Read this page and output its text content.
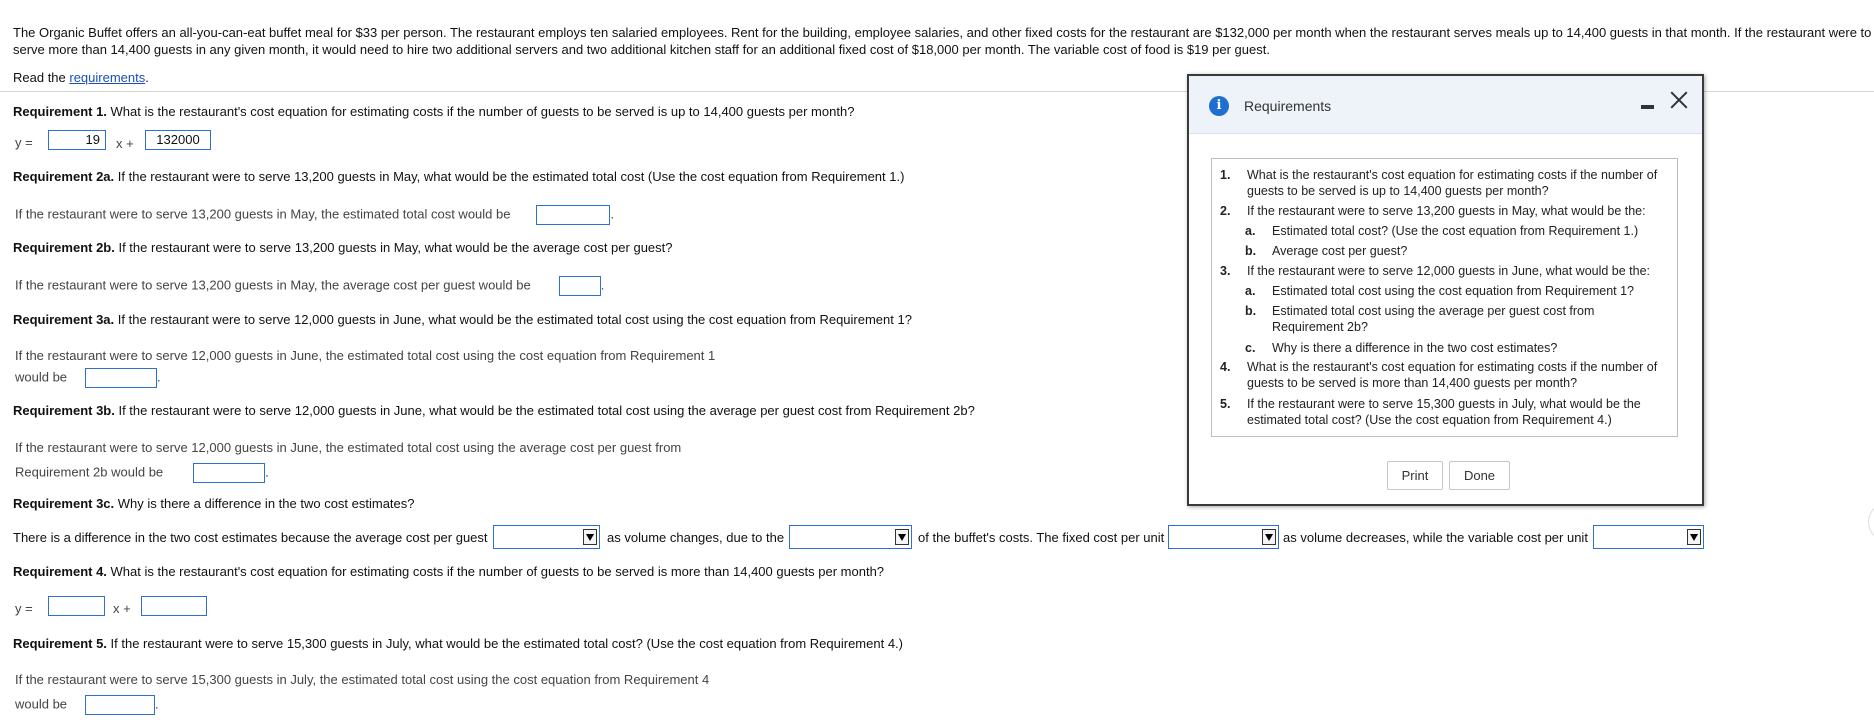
The Organic Buffet offers an all-you-can-eat buffet meal for $33 per person. The restaurant employs ten salaried employees. Rent for the building, employee salaries, and other fixed costs for the restaurant are $132,000 per month when the restaurant serves meals up to 14,400 guests in that month. If the restaurant were to serve more than 14,400 guests in any given month, it would need to hire two additional servers and two additional kitchen staff for an additional fixed cost of $18,000 per month. The variable cost of food is $19 per guest.
Read the requirements.
Requirement 1. What is the restaurant's cost equation for estimating costs if the number of guests to be served is up to 14,400 guests per month?
y =	19	x +	132000
Requirement 2a. If the restaurant were to serve 13,200 guests in May, what would be the estimated total cost (Use the cost equation from Requirement 1.)
If the restaurant were to serve 13,200 guests in May, the estimated total cost would be	.
Requirement 2b. If the restaurant were to serve 13,200 guests in May, what would be the average cost per guest?
If the restaurant were to serve 13,200 guests in May, the average cost per guest would be	.
Requirement 3a. If the restaurant were to serve 12,000 guests in June, what would be the estimated total cost using the cost equation from Requirement 1?
If the restaurant were to serve 12,000 guests in June, the estimated total cost using the cost equation from Requirement 1
would be	.
Requirement 3b. If the restaurant were to serve 12,000 guests in June, what would be the estimated total cost using the average per guest cost from Requirement 2b?
If the restaurant were to serve 12,000 guests in June, the estimated total cost using the average cost per guest from
Requirement 2b would be	.
Requirement 3c. Why is there a difference in the two cost estimates?
There is a difference in the two cost estimates because the average cost per guest	as volume changes, due to the	of the buffet's costs. The fixed cost per unit	as volume decreases, while the variable cost per unit
Requirement 4. What is the restaurant's cost equation for estimating costs if the number of guests to be served is more than 14,400 guests per month?
y =	x +
Requirement 5. If the restaurant were to serve 15,300 guests in July, what would be the estimated total cost? (Use the cost equation from Requirement 4.)
If the restaurant were to serve 15,300 guests in July, the estimated total cost using the cost equation from Requirement 4
would be	.
i	Requirements
1. What is the restaurant's cost equation for estimating costs if the number of
guests to be served is up to 14,400 guests per month?
2. If the restaurant were to serve 13,200 guests in May, what would be the:
a. Estimated total cost? (Use the cost equation from Requirement 1.)
b. Average cost per guest?
3. If the restaurant were to serve 12,000 guests in June, what would be the:
a. Estimated total cost using the cost equation from Requirement 1?
b. Estimated total cost using the average per guest cost from
Requirement 2b?
c. Why is there a difference in the two cost estimates?
4. What is the restaurant's cost equation for estimating costs if the number of
guests to be served is more than 14,400 guests per month?
5. If the restaurant were to serve 15,300 guests in July, what would be the
estimated total cost? (Use the cost equation from Requirement 4.)
Print	Done
